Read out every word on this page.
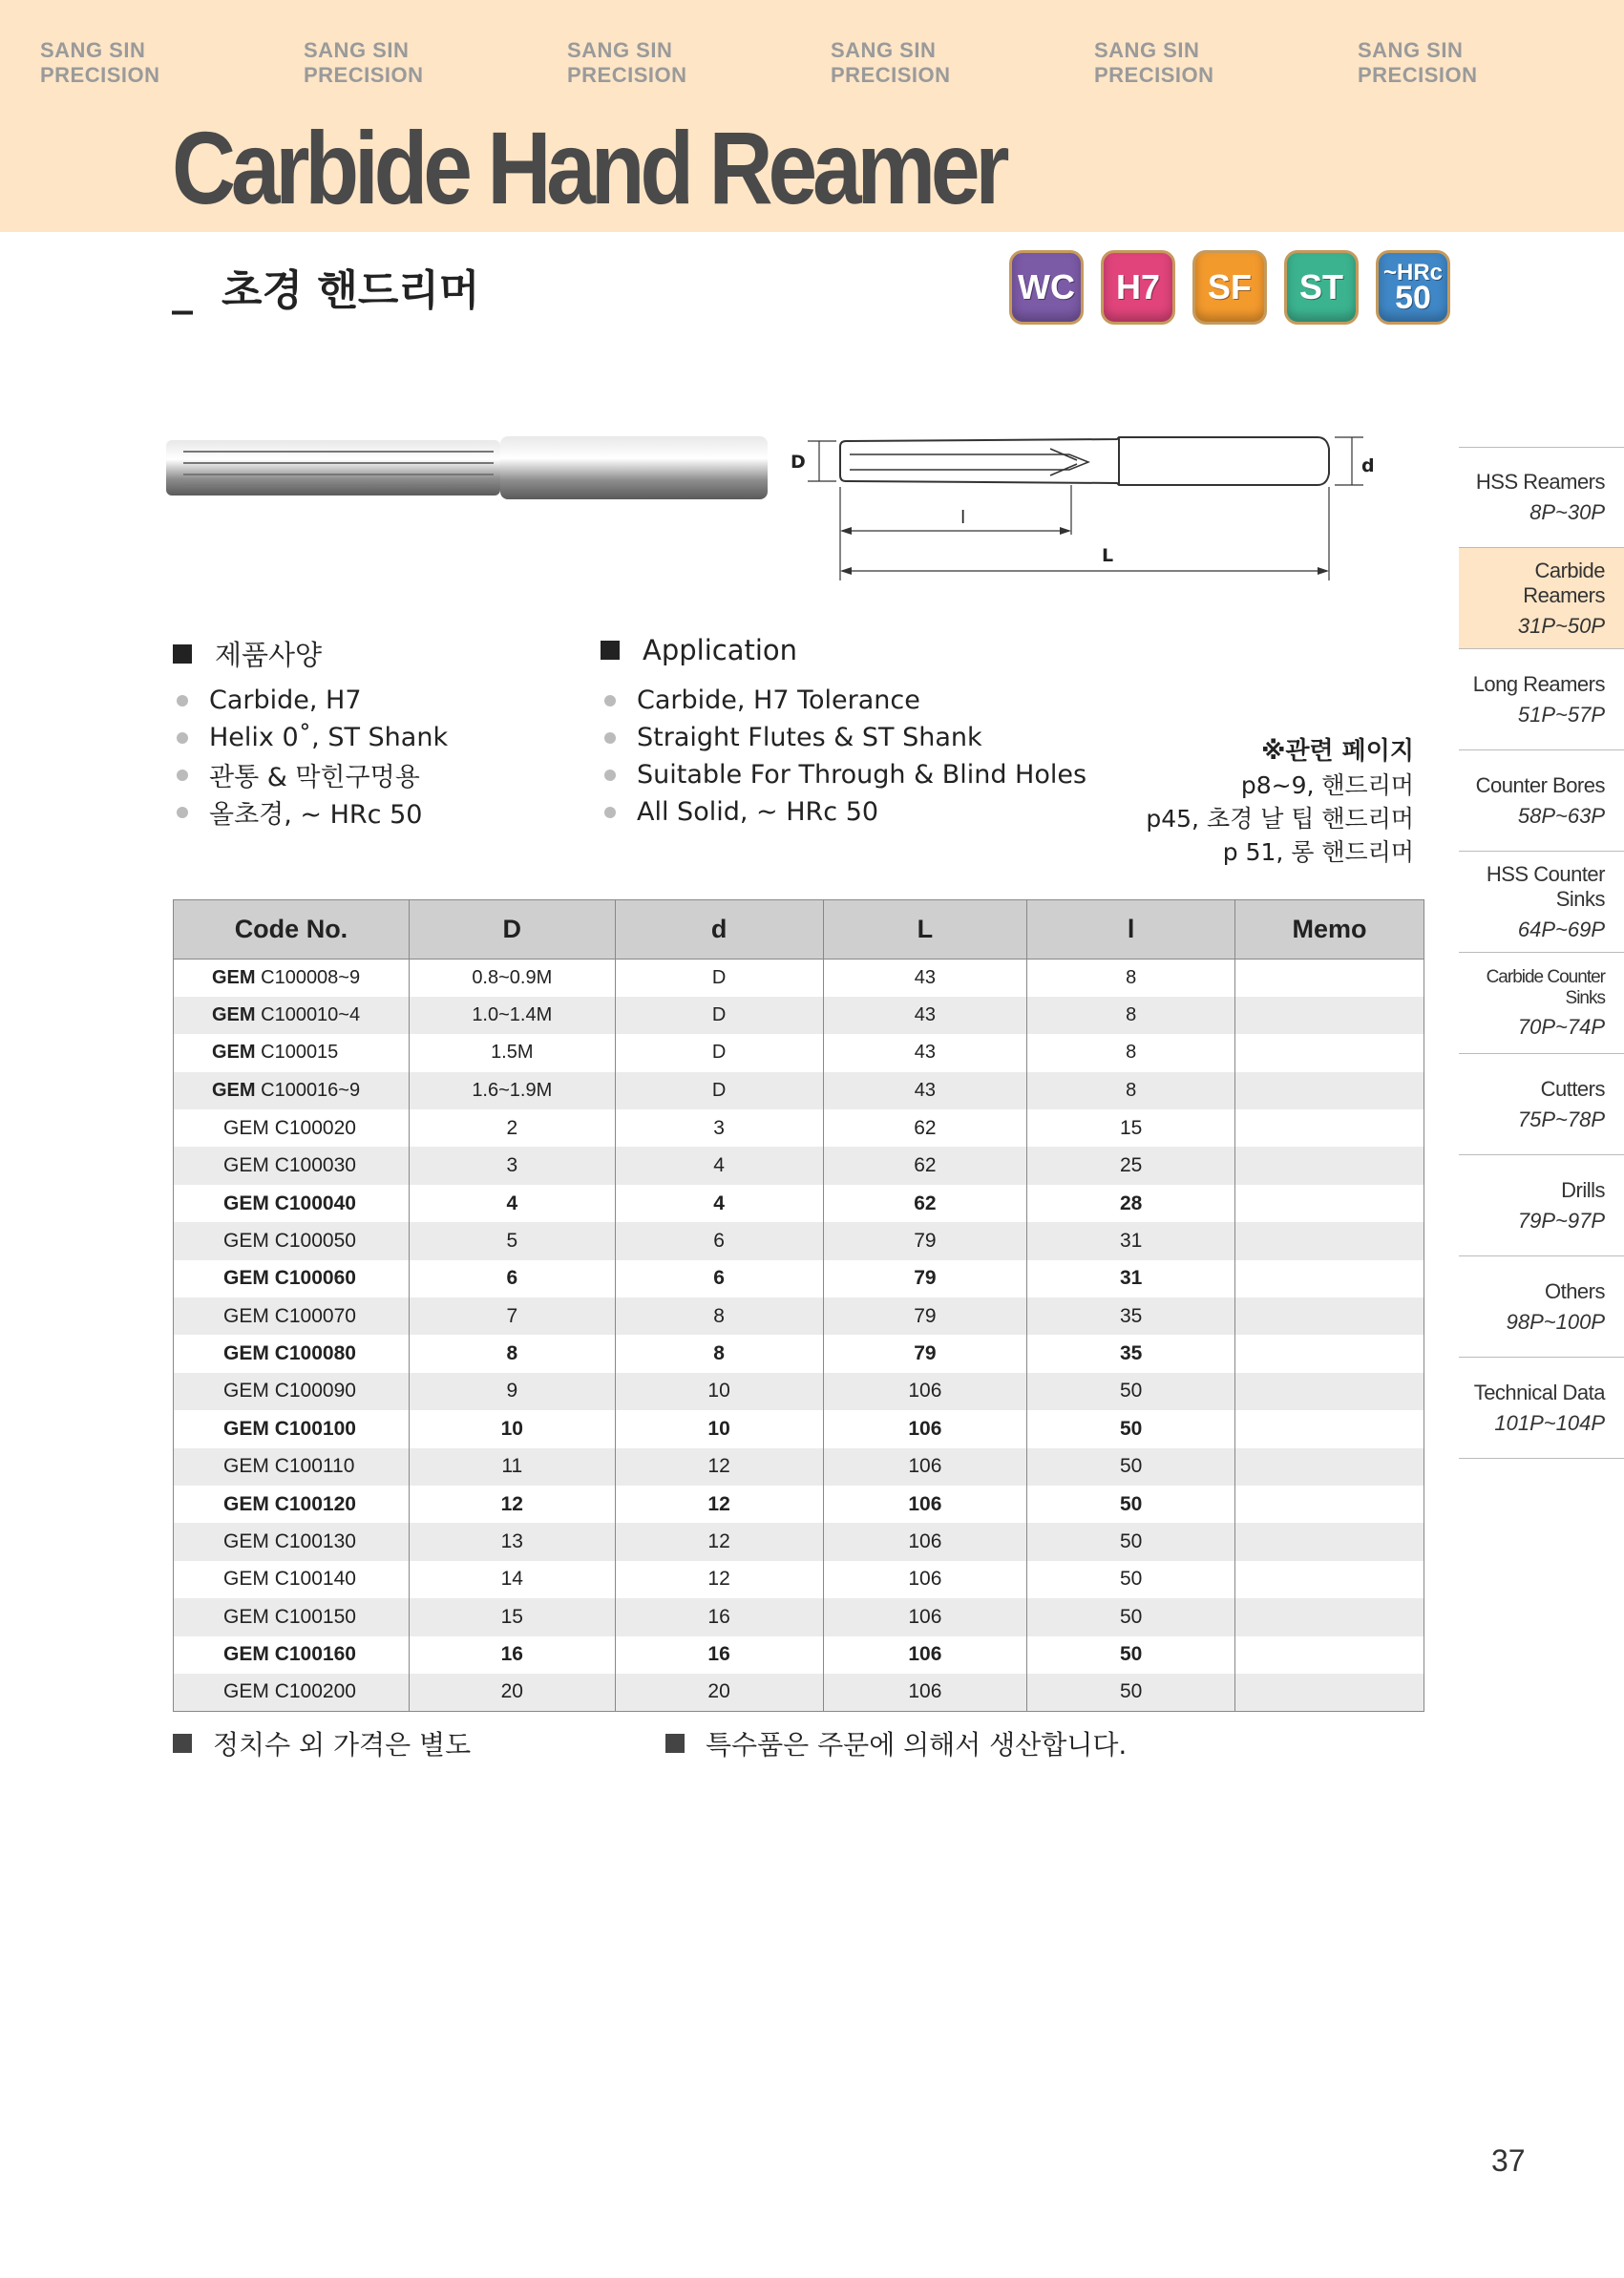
SANG SIN PRECISION
SANG SIN PRECISION
SANG SIN PRECISION
SANG SIN PRECISION
SANG SIN PRECISION
SANG SIN PRECISION
Carbide Hand Reamer
_ 초경 핸드리머	WC	H7	SF	ST	~HRc
50
D	d
l
L
제품사양
Carbide, H7
Helix 0˚, ST Shank
관통 & 막힌구멍용
올초경, ~ HRc 50
Application
Carbide, H7 Tolerance
Straight Flutes & ST Shank
Suitable For Through & Blind Holes
All Solid, ~ HRc 50
※관련 페이지
p8~9, 핸드리머
p45, 초경 날 팁 핸드리머
p 51, 롱 핸드리머
HSS Reamers
8P~30P
Carbide Reamers
31P~50P
Long Reamers
51P~57P
Counter Bores
58P~63P
HSS Counter Sinks
64P~69P
Carbide Counter Sinks
70P~74P
Cutters
75P~78P
Drills
79P~97P
Others
98P~100P
Technical Data
101P~104P
Code No.	D	d	L	l	Memo
GEM C100008~9	0.8~0.9M	D	43	8	
GEM C100010~4	1.0~1.4M	D	43	8	
GEM C100015	1.5M	D	43	8	
GEM C100016~9	1.6~1.9M	D	43	8	
GEM C100020	2	3	62	15	
GEM C100030	3	4	62	25	
GEM C100040	4	4	62	28	
GEM C100050	5	6	79	31	
GEM C100060	6	6	79	31	
GEM C100070	7	8	79	35	
GEM C100080	8	8	79	35	
GEM C100090	9	10	106	50	
GEM C100100	10	10	106	50	
GEM C100110	11	12	106	50	
GEM C100120	12	12	106	50	
GEM C100130	13	12	106	50	
GEM C100140	14	12	106	50	
GEM C100150	15	16	106	50	
GEM C100160	16	16	106	50	
GEM C100200	20	20	106	50	
정치수 외 가격은 별도	특수품은 주문에 의해서 생산합니다.
37
